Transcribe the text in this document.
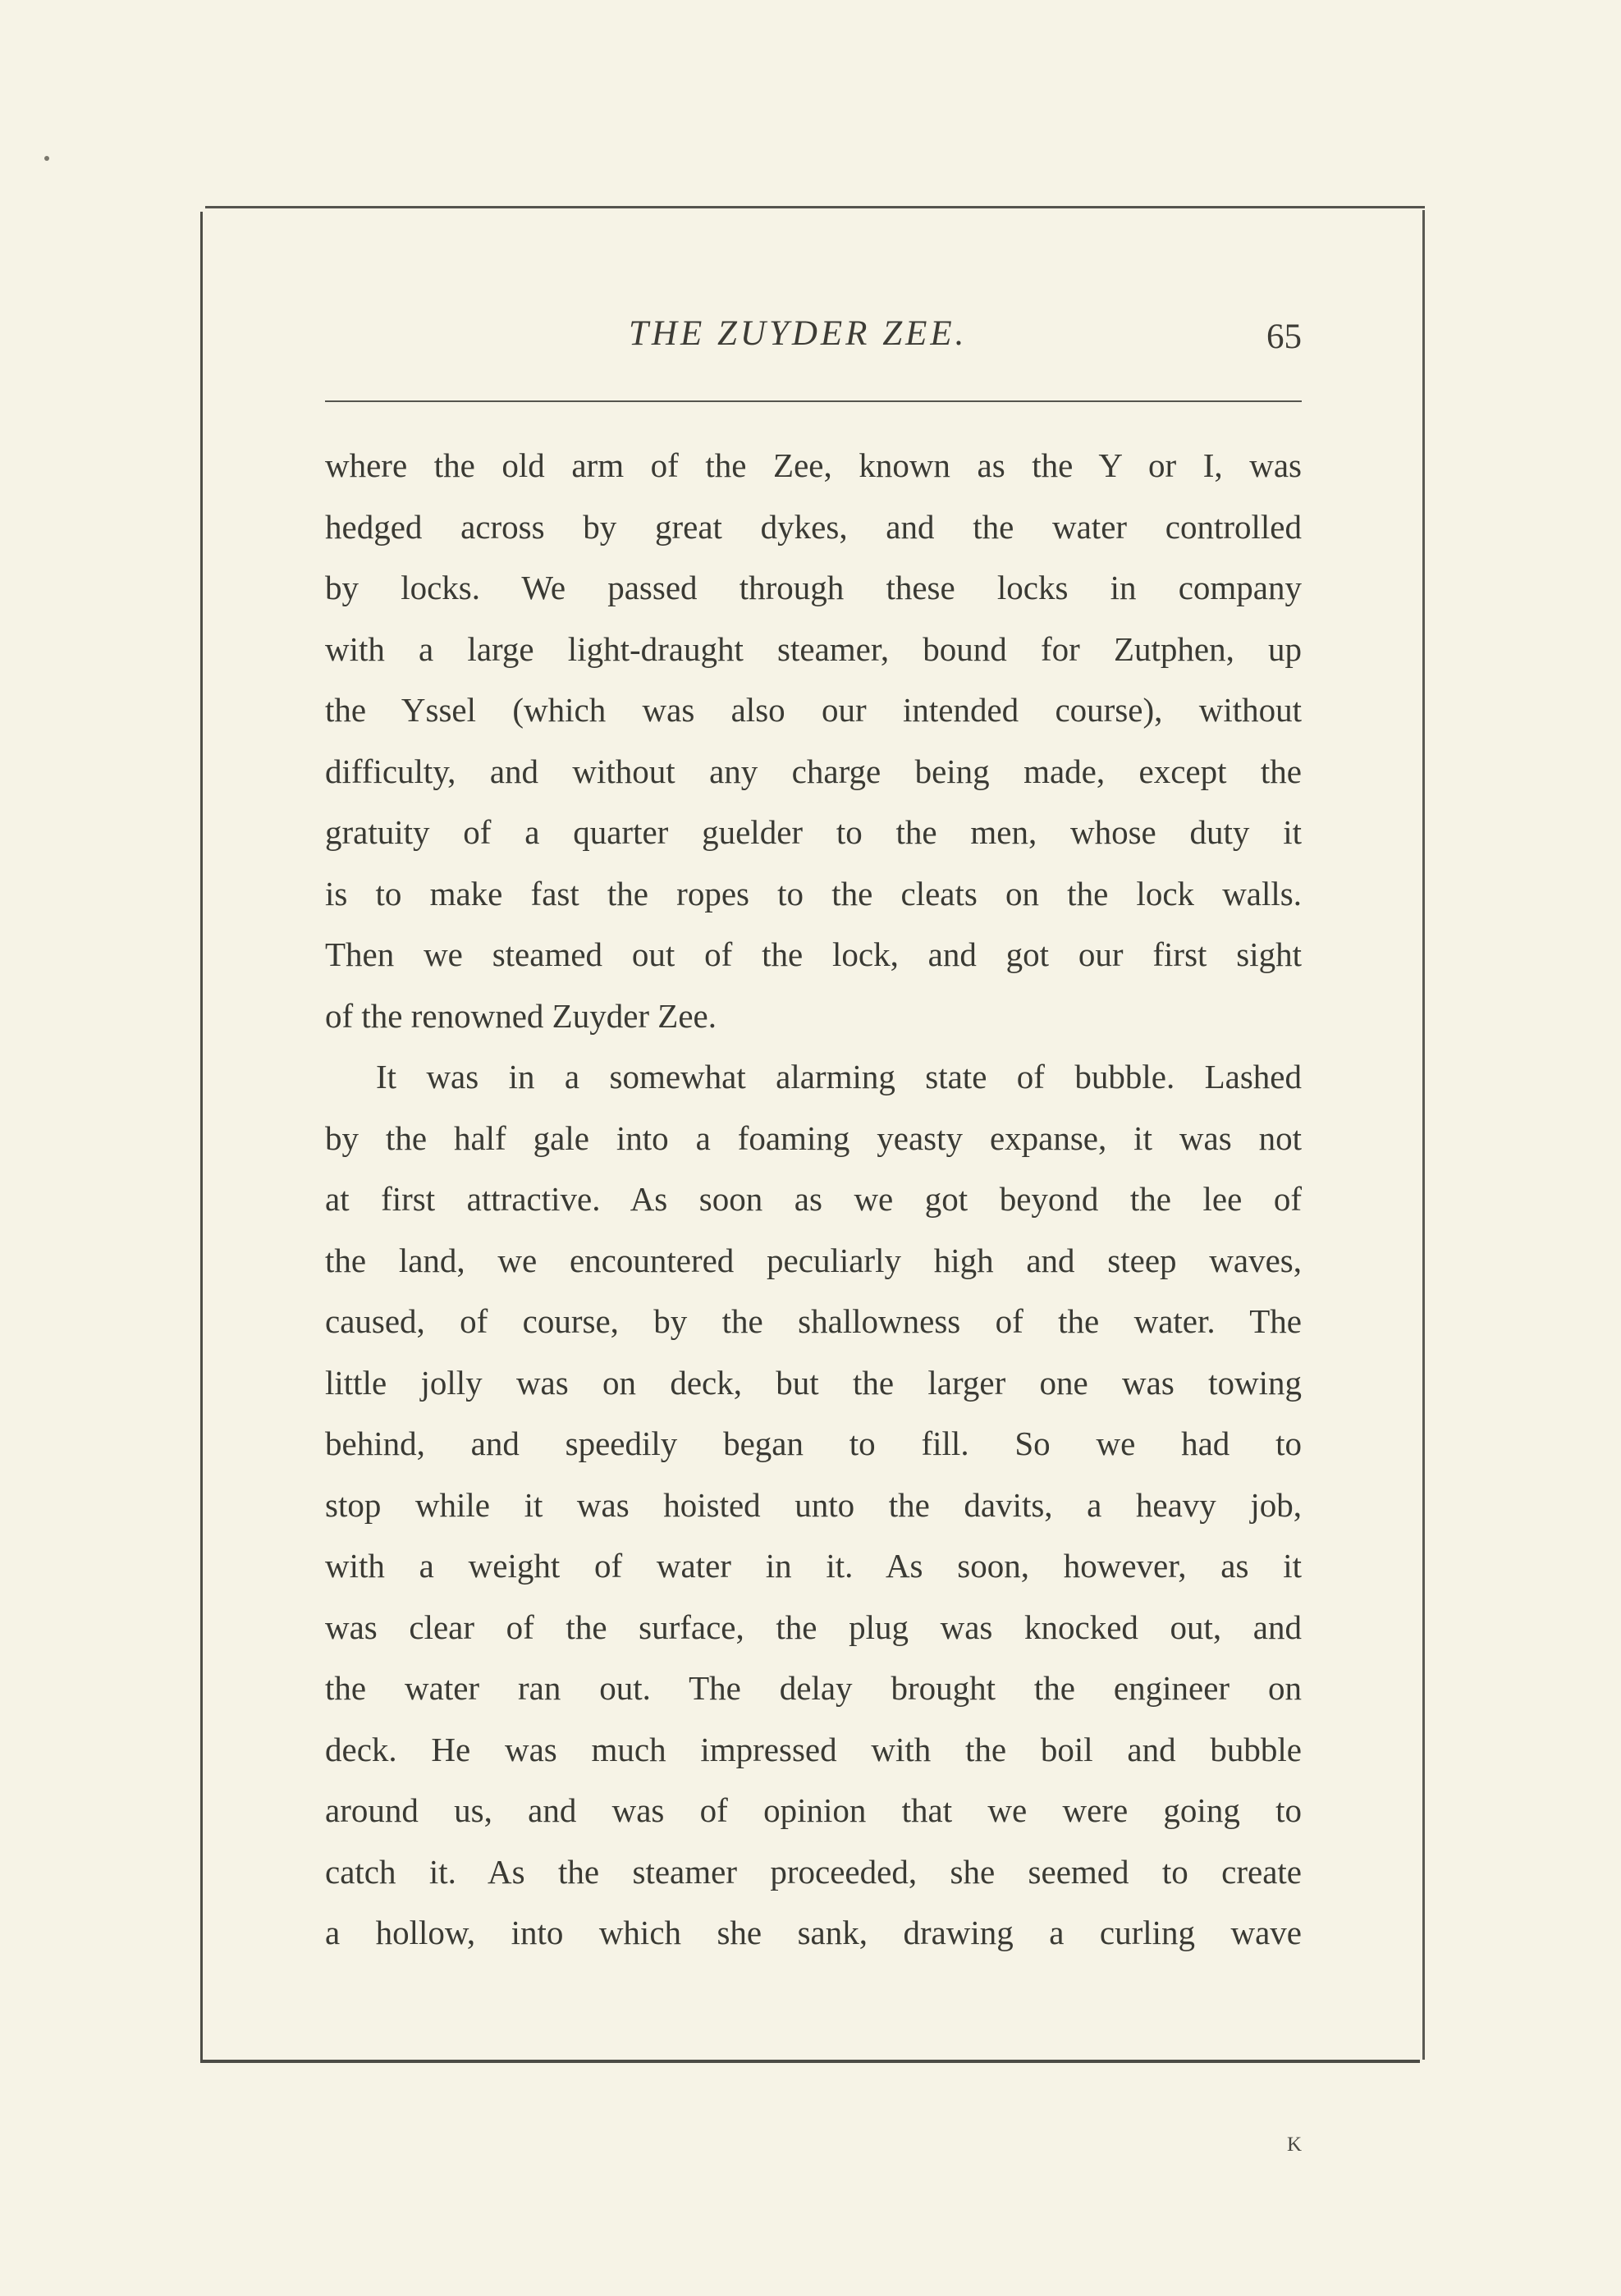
THE ZUYDER ZEE.	65
where the old arm of the Zee, known as the Y or I, was
hedged across by great dykes, and the water controlled
by locks. We passed through these locks in company
with a large light-draught steamer, bound for Zutphen, up
the Yssel (which was also our intended course), without
difficulty, and without any charge being made, except the
gratuity of a quarter guelder to the men, whose duty it
is to make fast the ropes to the cleats on the lock walls.
Then we steamed out of the lock, and got our first sight
of the renowned Zuyder Zee.
It was in a somewhat alarming state of bubble. Lashed
by the half gale into a foaming yeasty expanse, it was not
at first attractive. As soon as we got beyond the lee of
the land, we encountered peculiarly high and steep waves,
caused, of course, by the shallowness of the water. The
little jolly was on deck, but the larger one was towing
behind, and speedily began to fill. So we had to
stop while it was hoisted unto the davits, a heavy job,
with a weight of water in it. As soon, however, as it
was clear of the surface, the plug was knocked out, and
the water ran out. The delay brought the engineer on
deck. He was much impressed with the boil and bubble
around us, and was of opinion that we were going to
catch it. As the steamer proceeded, she seemed to create
a hollow, into which she sank, drawing a curling wave
K
